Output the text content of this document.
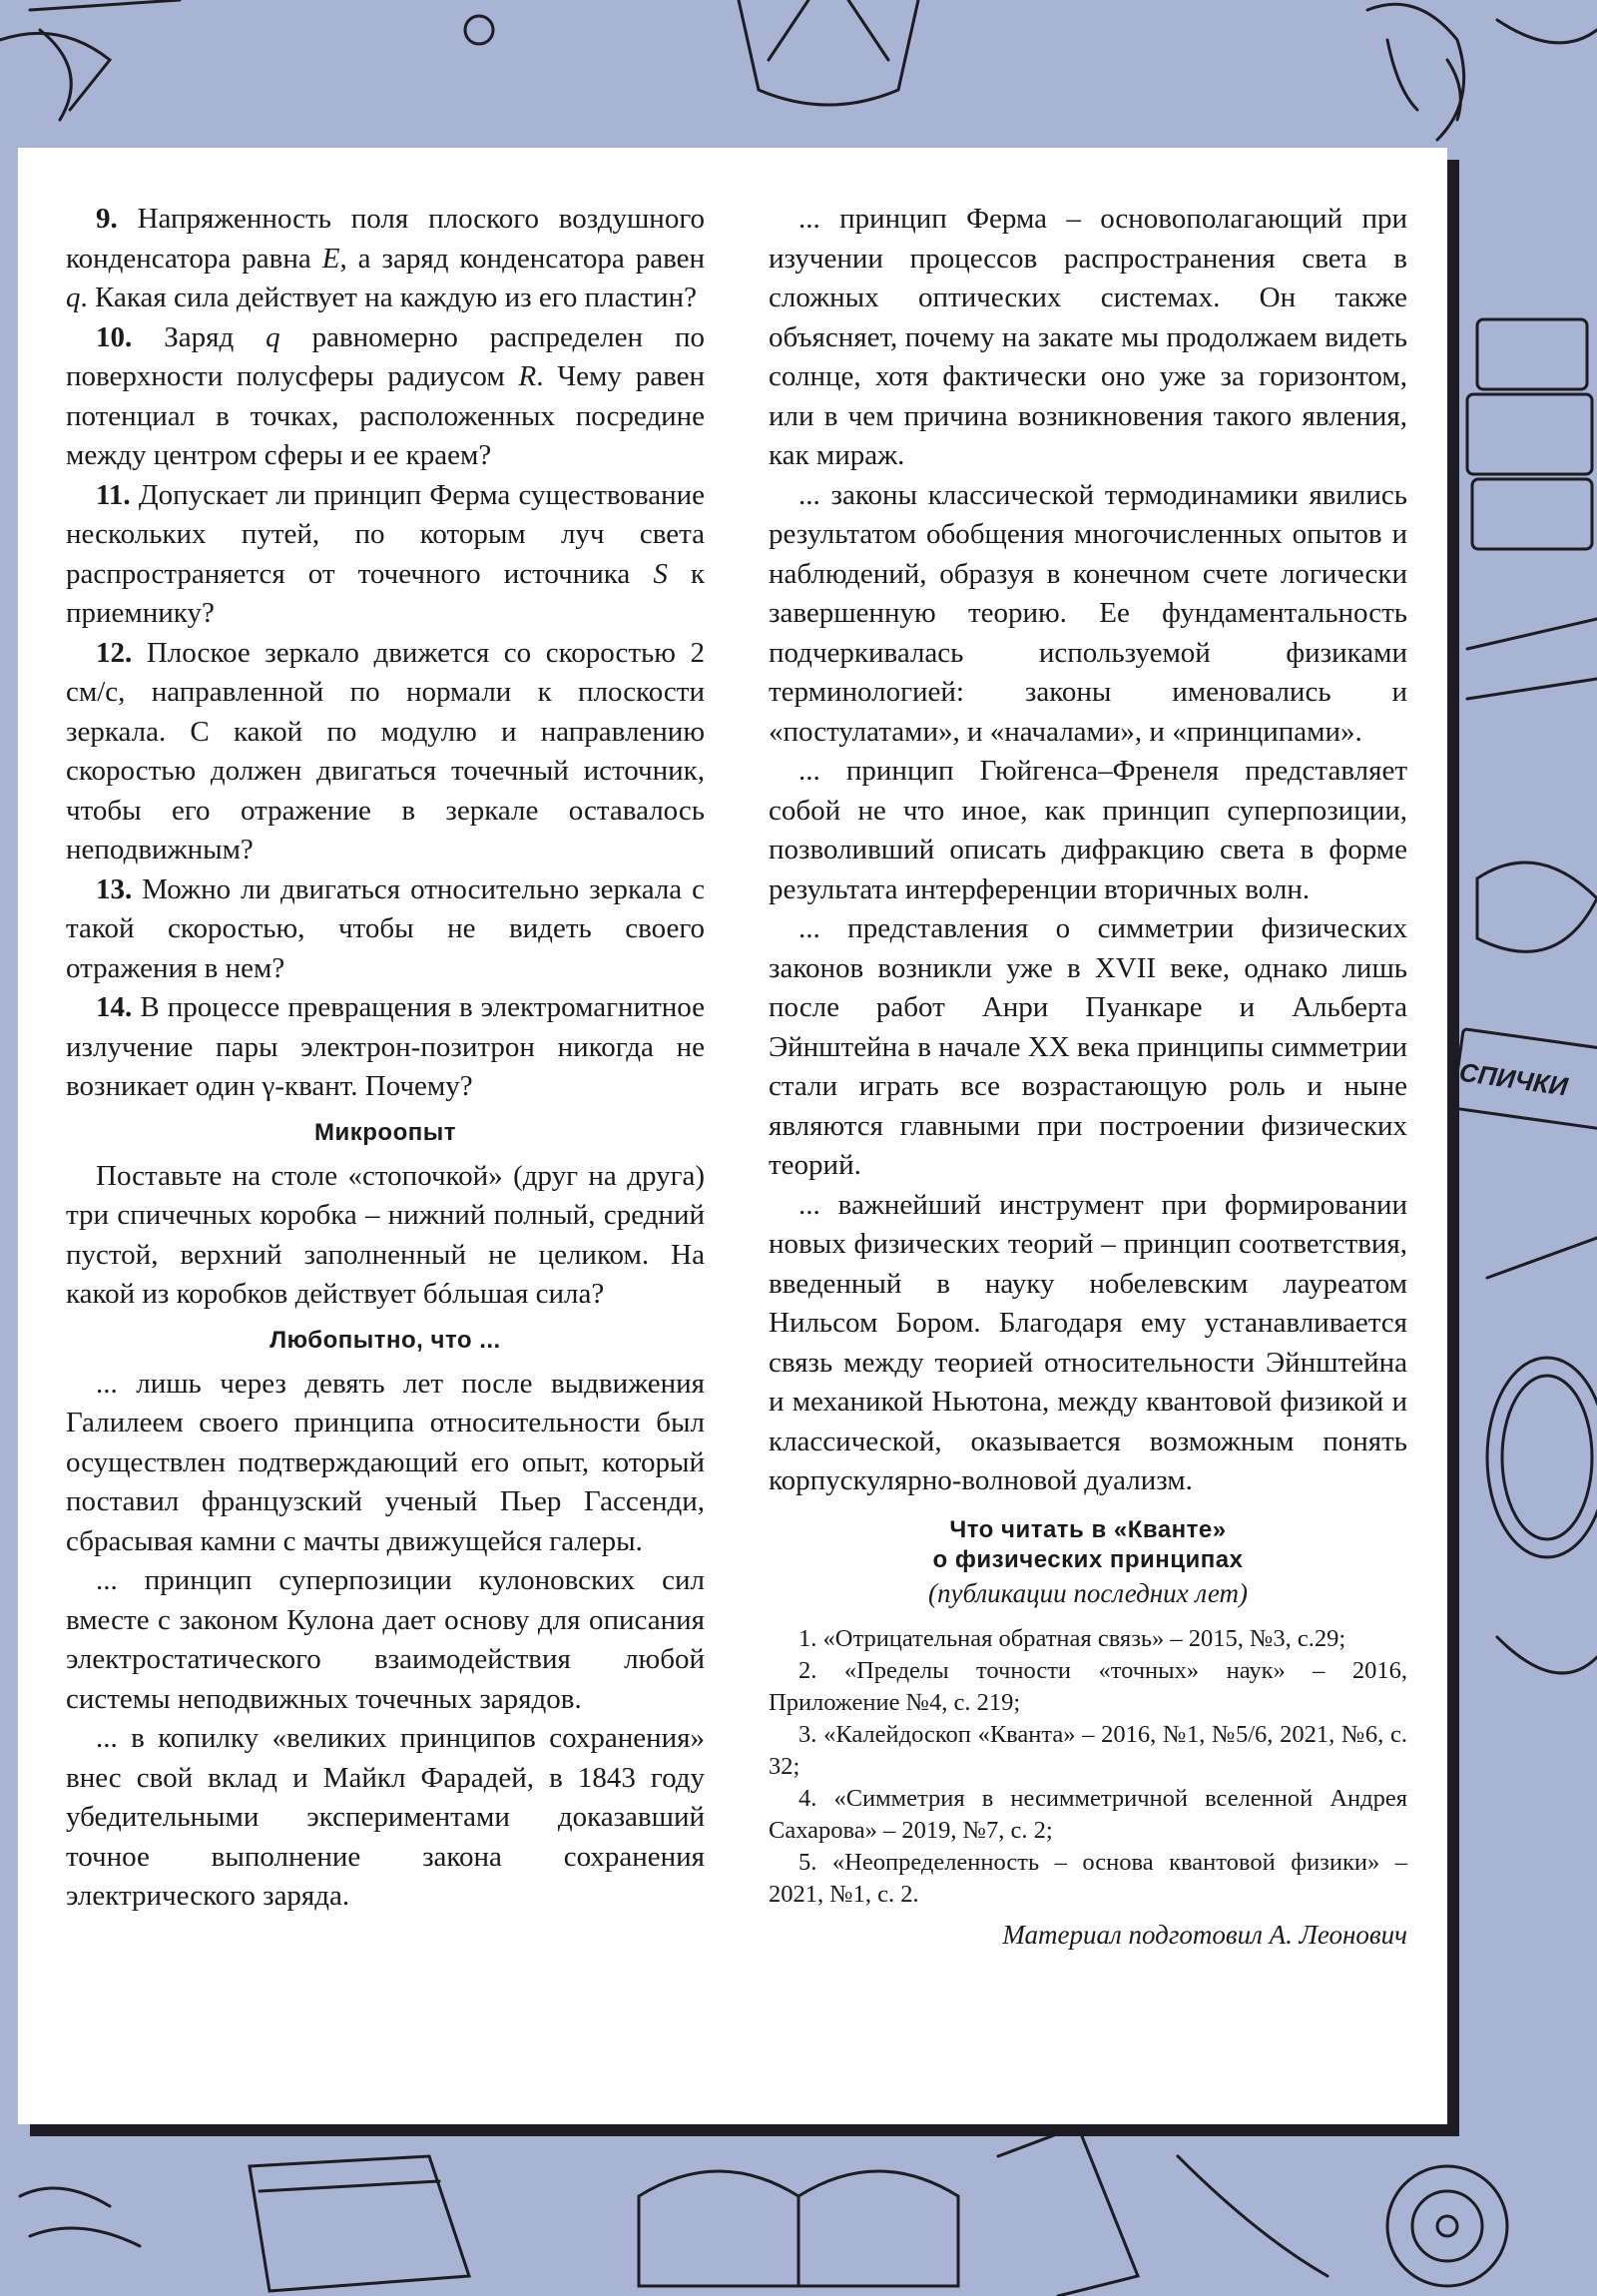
СПИЧКИ

9. Напряженность поля плоского воздушного конденсатора равна E, а заряд конденсатора равен q. Какая сила действует на каждую из его пластин?

10. Заряд q равномерно распределен по поверхности полусферы радиусом R. Чему равен потенциал в точках, расположенных посредине между центром сферы и ее краем?

11. Допускает ли принцип Ферма существование нескольких путей, по которым луч света распространяется от точечного источника S к приемнику?

12. Плоское зеркало движется со скоростью 2 см/с, направленной по нормали к плоскости зеркала. С какой по модулю и направлению скоростью должен двигаться точечный источник, чтобы его отражение в зеркале оставалось неподвижным?

13. Можно ли двигаться относительно зеркала с такой скоростью, чтобы не видеть своего отражения в нем?

14. В процессе превращения в электромагнитное излучение пары электрон-позитрон никогда не возникает один γ-квант. Почему?

Микроопыт

Поставьте на столе «стопочкой» (друг на друга) три спичечных коробка – нижний полный, средний пустой, верхний заполненный не целиком. На какой из коробков действует бóльшая сила?

Любопытно, что ...

... лишь через девять лет после выдвижения Галилеем своего принципа относительности был осуществлен подтверждающий его опыт, который поставил французский ученый Пьер Гассенди, сбрасывая камни с мачты движущейся галеры.

... принцип суперпозиции кулоновских сил вместе с законом Кулона дает основу для описания электростатического взаимодействия любой системы неподвижных точечных зарядов.

... в копилку «великих принципов сохранения» внес свой вклад и Майкл Фарадей, в 1843 году убедительными экспериментами доказавший точное выполнение закона сохранения электрического заряда.

... принцип Ферма – основополагающий при изучении процессов распространения света в сложных оптических системах. Он также объясняет, почему на закате мы продолжаем видеть солнце, хотя фактически оно уже за горизонтом, или в чем причина возникновения такого явления, как мираж.

... законы классической термодинамики явились результатом обобщения многочисленных опытов и наблюдений, образуя в конечном счете логически завершенную теорию. Ее фундаментальность подчеркивалась используемой физиками терминологией: законы именовались и «постулатами», и «началами», и «принципами».

... принцип Гюйгенса–Френеля представляет собой не что иное, как принцип суперпозиции, позволивший описать дифракцию света в форме результата интерференции вторичных волн.

... представления о симметрии физических законов возникли уже в XVII веке, однако лишь после работ Анри Пуанкаре и Альберта Эйнштейна в начале XX века принципы симметрии стали играть все возрастающую роль и ныне являются главными при построении физических теорий.

... важнейший инструмент при формировании новых физических теорий – принцип соответствия, введенный в науку нобелевским лауреатом Нильсом Бором. Благодаря ему устанавливается связь между теорией относительности Эйнштейна и механикой Ньютона, между квантовой физикой и классической, оказывается возможным понять корпускулярно-волновой дуализм.

Что читать в «Кванте»
о физических принципах
(публикации последних лет)

1. «Отрицательная обратная связь» – 2015, №3, с.29;

2. «Пределы точности «точных» наук» – 2016, Приложение №4, с. 219;

3. «Калейдоскоп «Кванта» – 2016, №1, №5/6, 2021, №6, с. 32;

4. «Симметрия в несимметричной вселенной Андрея Сахарова» – 2019, №7, с. 2;

5. «Неопределенность – основа квантовой физики» – 2021, №1, с. 2.

Материал подготовил А. Леонович
